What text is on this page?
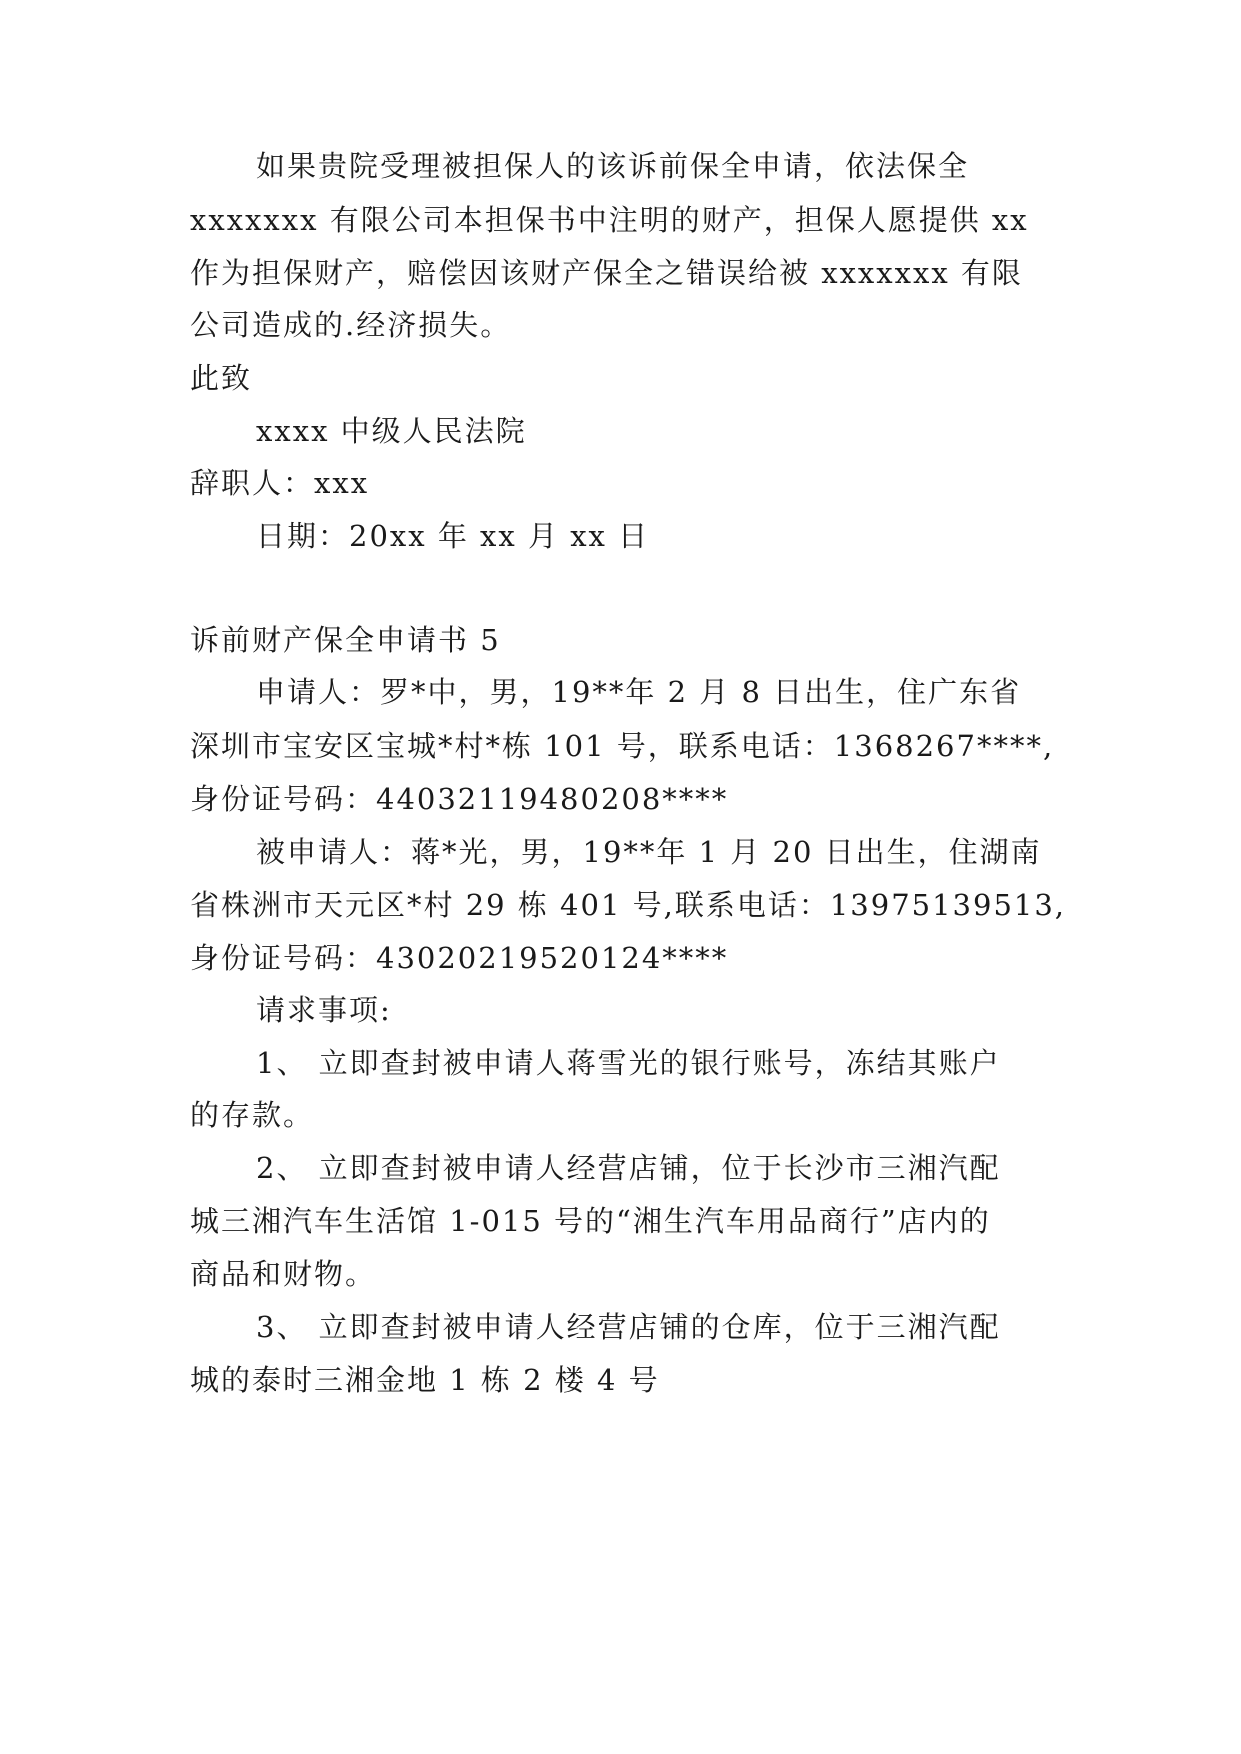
如果贵院受理被担保人的该诉前保全申请，依法保全
xxxxxxx 有限公司本担保书中注明的财产，担保人愿提供 xx
作为担保财产，赔偿因该财产保全之错误给被 xxxxxxx 有限
公司造成的.经济损失。
此致
xxxx 中级人民法院
辞职人：xxx
日期：20xx 年 xx 月 xx 日
诉前财产保全申请书 5
申请人：罗*中，男，19**年 2 月 8 日出生，住广东省
深圳市宝安区宝城*村*栋 101 号，联系电话：1368267****,
身份证号码：44032119480208****
被申请人：蒋*光，男，19**年 1 月 20 日出生，住湖南
省株洲市天元区*村 29 栋 401 号,联系电话：13975139513,
身份证号码：43020219520124****
请求事项:
1、 立即查封被申请人蒋雪光的银行账号，冻结其账户
的存款。
2、 立即查封被申请人经营店铺，位于长沙市三湘汽配
城三湘汽车生活馆 1-015 号的“湘生汽车用品商行”店内的
商品和财物。
3、 立即查封被申请人经营店铺的仓库，位于三湘汽配
城的泰时三湘金地 1 栋 2 楼 4 号
